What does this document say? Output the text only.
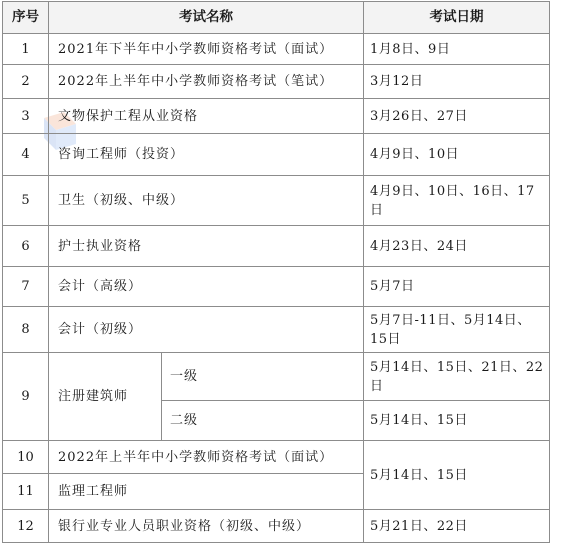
序号	考试名称		考试日期
1	2021年下半年中小学教师资格考试（面试）		1月8日、9日
2	2022年上半年中小学教师资格考试（笔试）		3月12日
3	文物保护工程从业资格		3月26日、27日
4	咨询工程师（投资）		4月9日、10日
5	卫生（初级、中级）		4月9日、10日、16日、17日
6	护士执业资格		4月23日、24日
7	会计（高级）		5月7日
8	会计（初级）		5月7日-11日、5月14日、15日
9	注册建筑师	一级	5月14日、15日、21日、22日
		二级	5月14日、15日
10	2022年上半年中小学教师资格考试（面试）		5月14日、15日
11	监理工程师		
12	银行业专业人员职业资格（初级、中级）		5月21日、22日
